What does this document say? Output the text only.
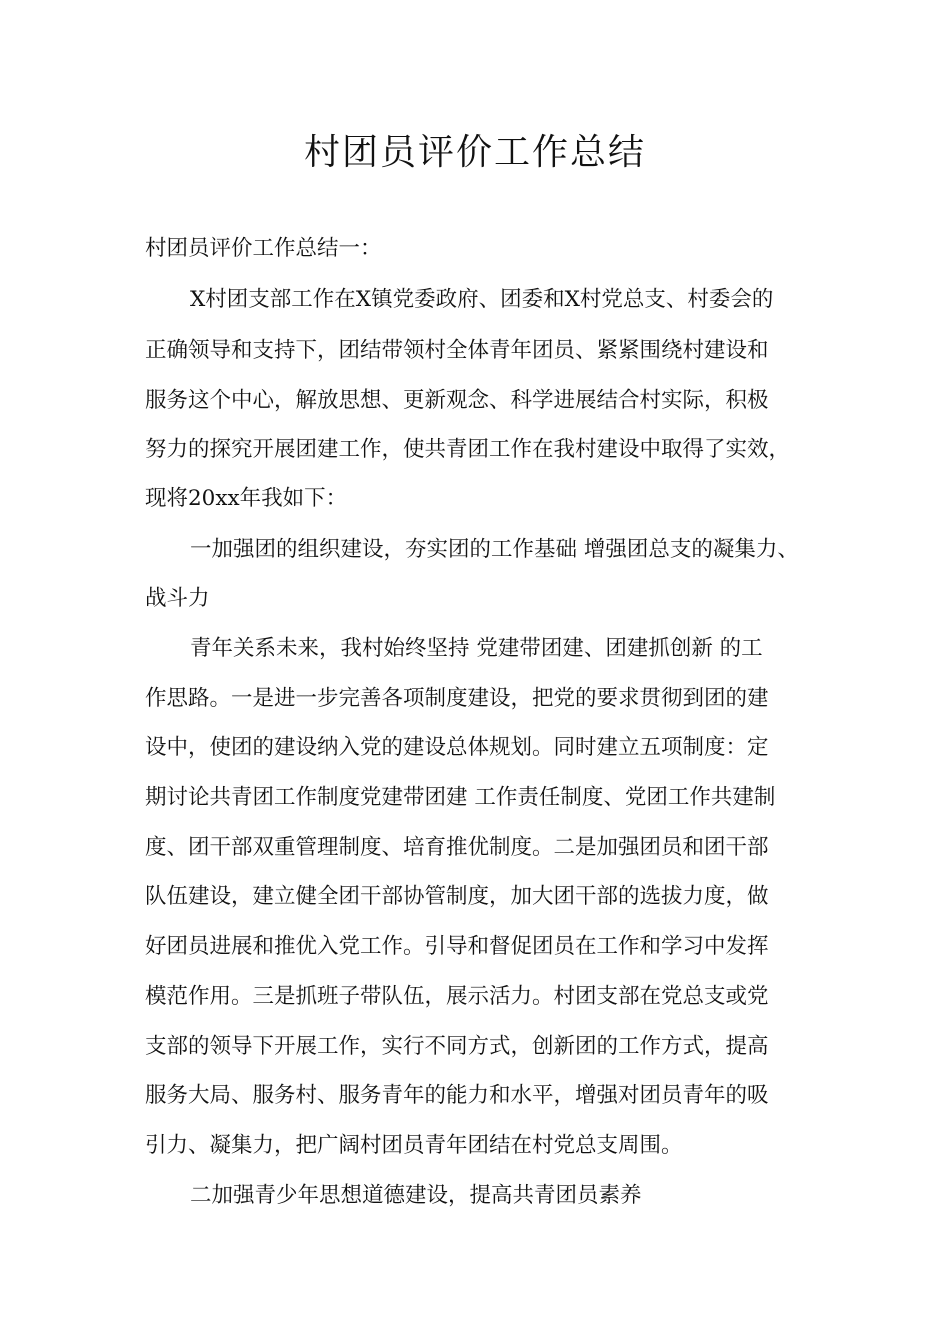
村团员评价工作总结
村团员评价工作总结一：
X村团支部工作在X镇党委政府、团委和X村党总支、村委会的
正确领导和支持下，团结带领村全体青年团员、紧紧围绕村建设和
服务这个中心，解放思想、更新观念、科学进展结合村实际，积极
努力的探究开展团建工作，使共青团工作在我村建设中取得了实效，
现将20xx年我如下：
一加强团的组织建设，夯实团的工作基础 增强团总支的凝集力、
战斗力
青年关系未来，我村始终坚持 党建带团建、团建抓创新 的工
作思路。一是进一步完善各项制度建设，把党的要求贯彻到团的建
设中，使团的建设纳入党的建设总体规划。同时建立五项制度：定
期讨论共青团工作制度党建带团建 工作责任制度、党团工作共建制
度、团干部双重管理制度、培育推优制度。二是加强团员和团干部
队伍建设，建立健全团干部协管制度，加大团干部的选拔力度，做
好团员进展和推优入党工作。引导和督促团员在工作和学习中发挥
模范作用。三是抓班子带队伍，展示活力。村团支部在党总支或党
支部的领导下开展工作，实行不同方式，创新团的工作方式，提高
服务大局、服务村、服务青年的能力和水平，增强对团员青年的吸
引力、凝集力，把广阔村团员青年团结在村党总支周围。
二加强青少年思想道德建设，提高共青团员素养
